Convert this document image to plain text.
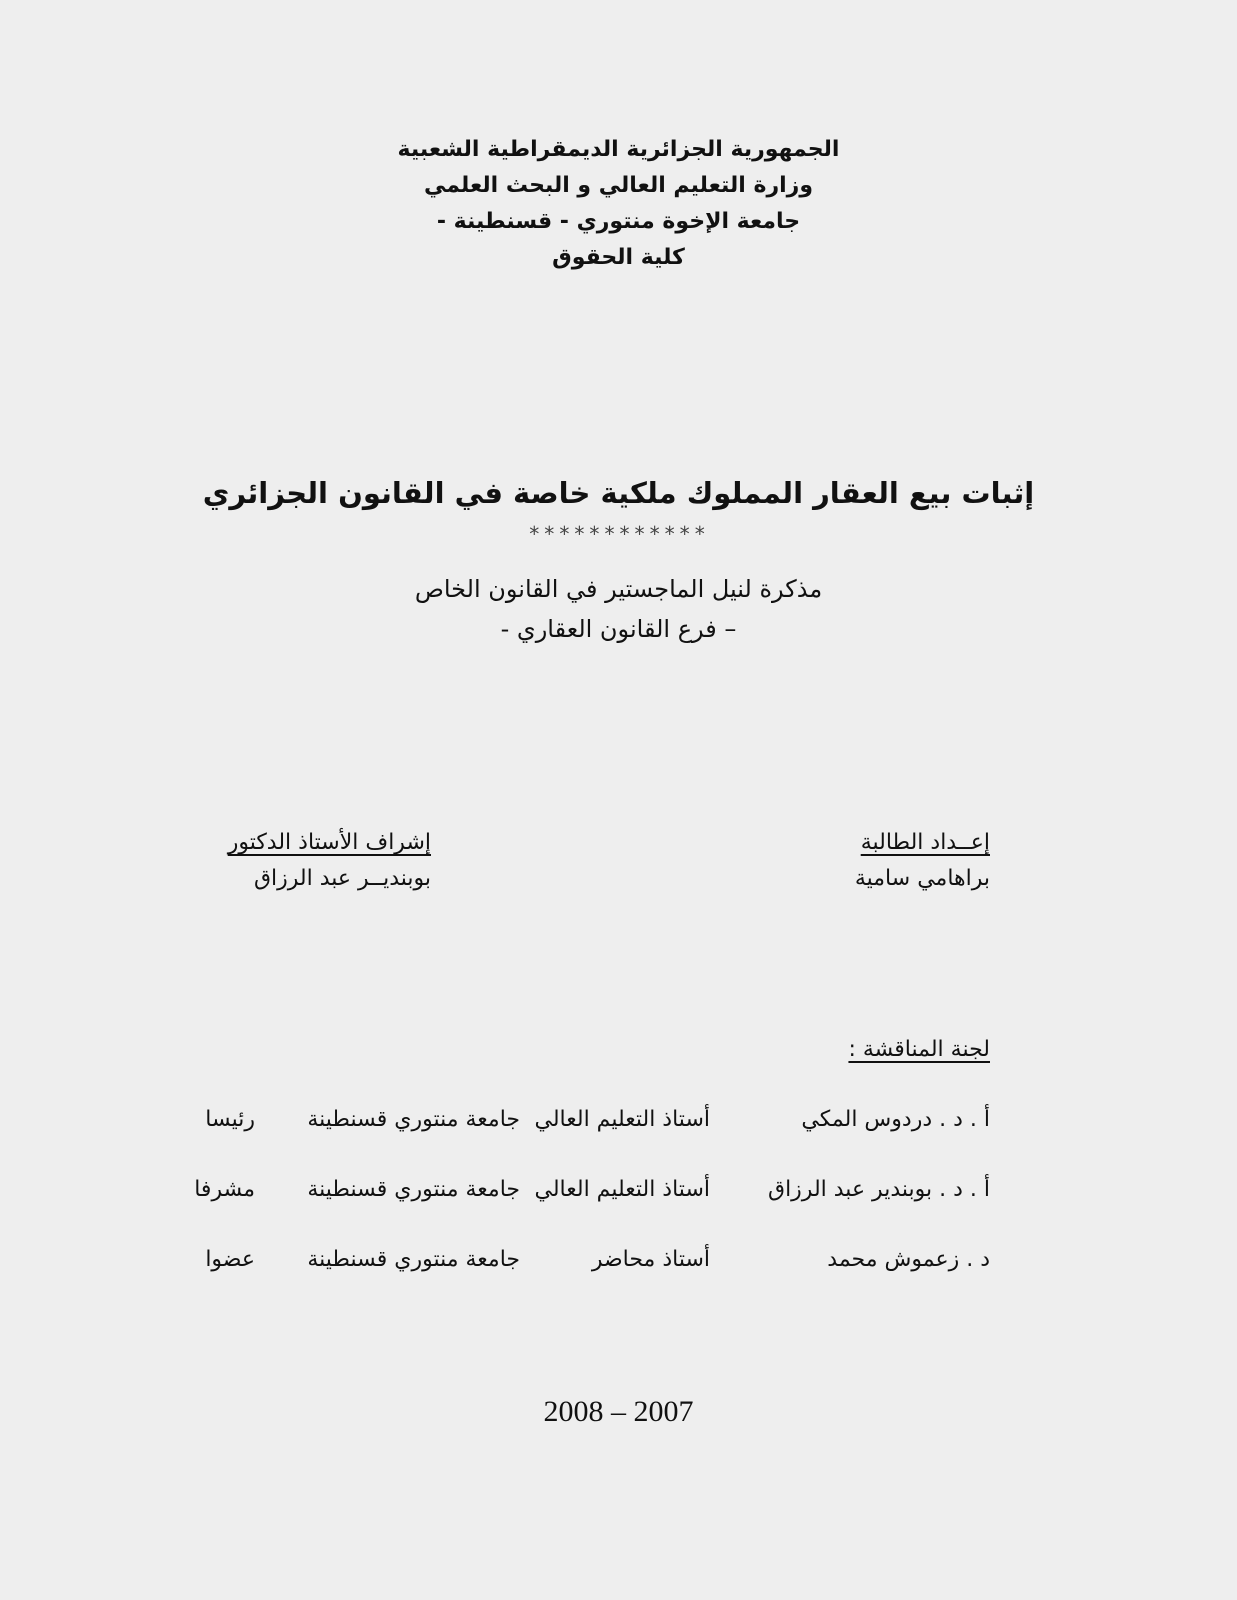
الجمهورية الجزائرية الديمقراطية الشعبية
وزارة التعليم العالي و البحث العلمي
جامعة الإخوة منتوري - قسنطينة -
كلية الحقوق
إثبات بيع العقار المملوك ملكية خاصة في القانون الجزائري
************
مذكرة لنيل الماجستير في القانون الخاص
– فرع القانون العقاري -
إعــداد الطالبة
براهامي سامية
إشراف الأستاذ الدكتور
بوبنديــر عبد الرزاق
لجنة المناقشة :
أ . د . دردوس المكي
أستاذ التعليم العالي
جامعة منتوري قسنطينة
رئيسا
أ . د . بوبندير عبد الرزاق
أستاذ التعليم العالي
جامعة منتوري قسنطينة
مشرفا
د . زعموش محمد
أستاذ محاضر
جامعة منتوري قسنطينة
عضوا
2008 – 2007
